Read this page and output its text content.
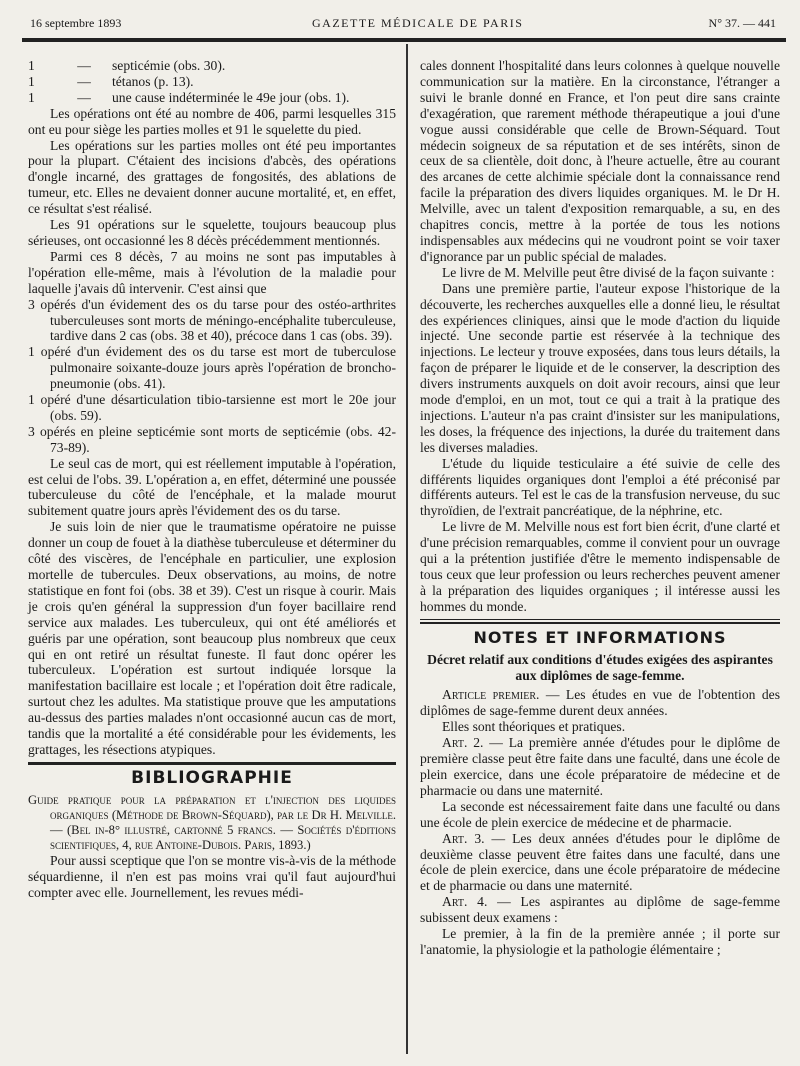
16 septembre 1893	GAZETTE MÉDICALE DE PARIS	N° 37. — 441
1	—	septicémie (obs. 30).
1	—	tétanos (p. 13).
1	—	une cause indéterminée le 49e jour (obs. 1).

Les opérations ont été au nombre de 406, parmi lesquelles 315 ont eu pour siège les parties molles et 91 le squelette du pied.

Les opérations sur les parties molles ont été peu importantes pour la plupart. C'étaient des incisions d'abcès, des opérations d'ongle incarné, des grattages de fongosités, des ablations de tumeur, etc. Elles ne devaient donner aucune mortalité, et, en effet, ce résultat s'est réalisé.

Les 91 opérations sur le squelette, toujours beaucoup plus sérieuses, ont occasionné les 8 décès précédemment mentionnés.

Parmi ces 8 décès, 7 au moins ne sont pas imputables à l'opération elle-même, mais à l'évolution de la maladie pour laquelle j'avais dû intervenir. C'est ainsi que

3 opérés d'un évidement des os du tarse pour des ostéo-arthrites tuberculeuses sont morts de méningo-encéphalite tuberculeuse, tardive dans 2 cas (obs. 38 et 40), précoce dans 1 cas (obs. 39).

1 opéré d'un évidement des os du tarse est mort de tuberculose pulmonaire soixante-douze jours après l'opération de broncho-pneumonie (obs. 41).

1 opéré d'une désarticulation tibio-tarsienne est mort le 20e jour (obs. 59).

3 opérés en pleine septicémie sont morts de septicémie (obs. 42-73-89).

Le seul cas de mort, qui est réellement imputable à l'opération, est celui de l'obs. 39. L'opération a, en effet, déterminé une poussée tuberculeuse du côté de l'encéphale, et la malade mourut subitement quatre jours après l'évidement des os du tarse.

Je suis loin de nier que le traumatisme opératoire ne puisse donner un coup de fouet à la diathèse tuberculeuse et déterminer du côté des viscères, de l'encéphale en particulier, une explosion mortelle de tubercules. Deux observations, au moins, de notre statistique en font foi (obs. 38 et 39). C'est un risque à courir. Mais je crois qu'en général la suppression d'un foyer bacillaire rend service aux malades. Les tuberculeux, qui ont été améliorés et guéris par une opération, sont beaucoup plus nombreux que ceux qui en ont retiré un résultat funeste. Il faut donc opérer les tuberculeux. L'opération est surtout indiquée lorsque la manifestation bacillaire est locale ; et l'opération doit être radicale, surtout chez les adultes. Ma statistique prouve que les amputations au-dessus des parties malades n'ont occasionné aucun cas de mort, tandis que la mortalité a été considérable pour les évidements, les grattages, les résections atypiques.

BIBLIOGRAPHIE

Guide pratique pour la préparation et l'injection des liquides organiques (Méthode de Brown-Séquard), par le Dr H. Melville. — (Bel in-8° illustré, cartonné 5 francs. — Sociétés d'éditions scientifiques, 4, rue Antoine-Dubois. Paris, 1893.)

Pour aussi sceptique que l'on se montre vis-à-vis de la méthode séquardienne, il n'en est pas moins vrai qu'il faut aujourd'hui compter avec elle. Journellement, les revues médi-

cales donnent l'hospitalité dans leurs colonnes à quelque nouvelle communication sur la matière. En la circonstance, l'étranger a suivi le branle donné en France, et l'on peut dire sans crainte d'exagération, que rarement méthode thérapeutique a joui d'une vogue aussi considérable que celle de Brown-Séquard. Tout médecin soigneux de sa réputation et de ses intérêts, sinon de ceux de sa clientèle, doit donc, à l'heure actuelle, être au courant des arcanes de cette alchimie spéciale dont la connaissance rend facile la préparation des divers liquides organiques. M. le Dr H. Melville, avec un talent d'exposition remarquable, a su, en des chapitres concis, mettre à la portée de tous les notions indispensables aux médecins qui ne voudront point se voir taxer d'ignorance par un public spécial de malades.

Le livre de M. Melville peut être divisé de la façon suivante :

Dans une première partie, l'auteur expose l'historique de la découverte, les recherches auxquelles elle a donné lieu, le résultat des expériences cliniques, ainsi que le mode d'action du liquide injecté. Une seconde partie est réservée à la technique des injections. Le lecteur y trouve exposées, dans tous leurs détails, la façon de préparer le liquide et de le conserver, la description des divers instruments auxquels on doit avoir recours, ainsi que leur mode d'emploi, en un mot, tout ce qui a trait à la pratique des injections. L'auteur n'a pas craint d'insister sur les manipulations, les doses, la fréquence des injections, la durée du traitement dans les diverses maladies.

L'étude du liquide testiculaire a été suivie de celle des différents liquides organiques dont l'emploi a été préconisé par différents auteurs. Tel est le cas de la transfusion nerveuse, du suc thyroïdien, de l'extrait pancréatique, de la néphrine, etc.

Le livre de M. Melville nous est fort bien écrit, d'une clarté et d'une précision remarquables, comme il convient pour un ouvrage qui a la prétention justifiée d'être le memento indispensable de tous ceux que leur profession ou leurs recherches peuvent amener à la préparation des liquides organiques ; il intéresse aussi les hommes du monde.

NOTES ET INFORMATIONS
Décret relatif aux conditions d'études exigées des aspirantes aux diplômes de sage-femme.

Article premier. — Les études en vue de l'obtention des diplômes de sage-femme durent deux années.

Elles sont théoriques et pratiques.

Art. 2. — La première année d'études pour le diplôme de première classe peut être faite dans une faculté, dans une école de plein exercice, dans une école préparatoire de médecine et de pharmacie ou dans une maternité.

La seconde est nécessairement faite dans une faculté ou dans une école de plein exercice de médecine et de pharmacie.

Art. 3. — Les deux années d'études pour le diplôme de deuxième classe peuvent être faites dans une faculté, dans une école de plein exercice, dans une école préparatoire de médecine et de pharmacie ou dans une maternité.

Art. 4. — Les aspirantes au diplôme de sage-femme subissent deux examens :

Le premier, à la fin de la première année ; il porte sur l'anatomie, la physiologie et la pathologie élémentaire ;
